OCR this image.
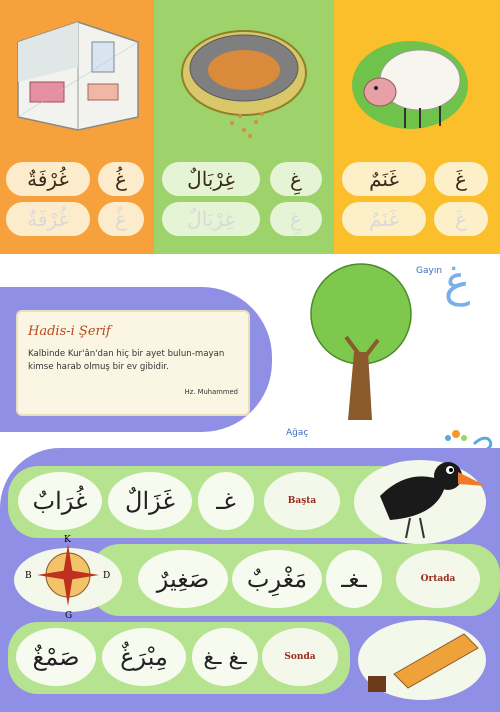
غُرْفَةٌ	غُ
غُرْفَةٌ	غُ
غِرْبَالٌ	غِ
غِرْبَالٌ	غِ
غَنَمٌ	غَ
غَنَمٌ	غَ
Hadis-i Şerif
Kalbinde Kur'ân'dan hiç bir ayet bulun-mayan kimse harab olmuş bir ev gibidir.
Hz. Muhammed
Gayın غ
Ağaç
غُرَابٌ	غَزَالٌ	غـ	Başta
K
G
B	D	صَغِيرٌ	مَغْرِبٌ	ـغـ	Ortada
صَمْغٌ	مِبْرَغٌ	ـغ ـغ	Sonda
